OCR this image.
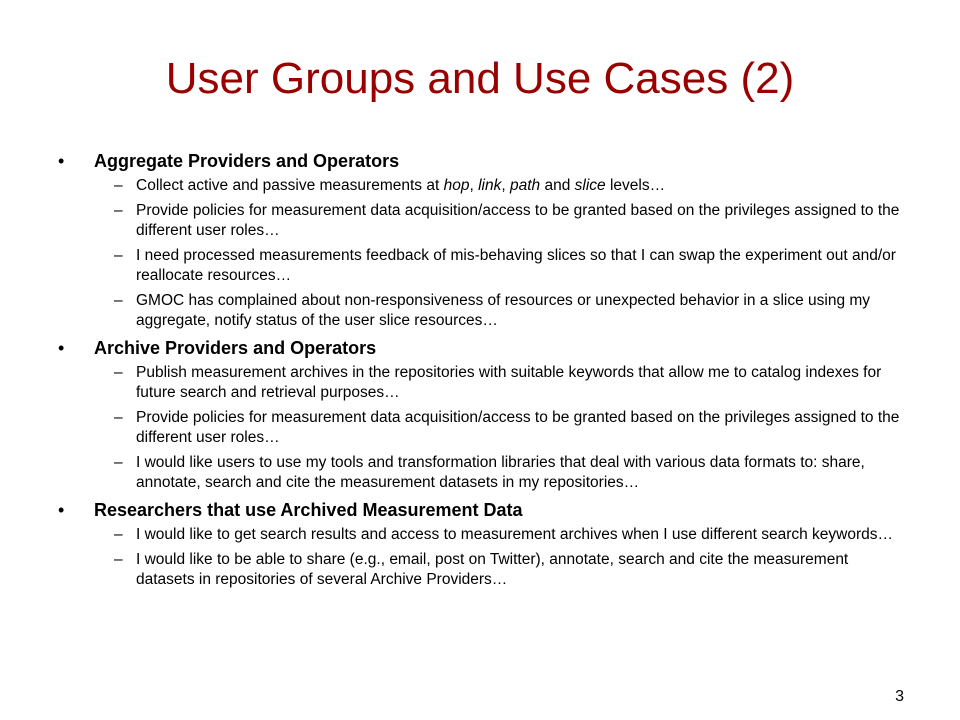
User Groups and Use Cases (2)
• Aggregate Providers and Operators
– Collect active and passive measurements at hop, link, path and slice levels…
– Provide policies for measurement data acquisition/access to be granted based on the privileges assigned to the different user roles…
– I need processed measurements feedback of mis-behaving slices so that I can swap the experiment out and/or reallocate resources…
– GMOC has complained about non-responsiveness of resources or unexpected behavior in a slice using my aggregate, notify status of the user slice resources…
• Archive Providers and Operators
– Publish measurement archives in the repositories with suitable keywords that allow me to catalog indexes for future search and retrieval purposes…
– Provide policies for measurement data acquisition/access to be granted based on the privileges assigned to the different user roles…
– I would like users to use my tools and transformation libraries that deal with various data formats to: share, annotate, search and cite the measurement datasets in my repositories…
• Researchers that use Archived Measurement Data
– I would like to get search results and access to measurement archives when I use different search keywords…
– I would like to be able to share (e.g., email, post on Twitter), annotate, search and cite the measurement datasets in repositories of several Archive Providers…
3
